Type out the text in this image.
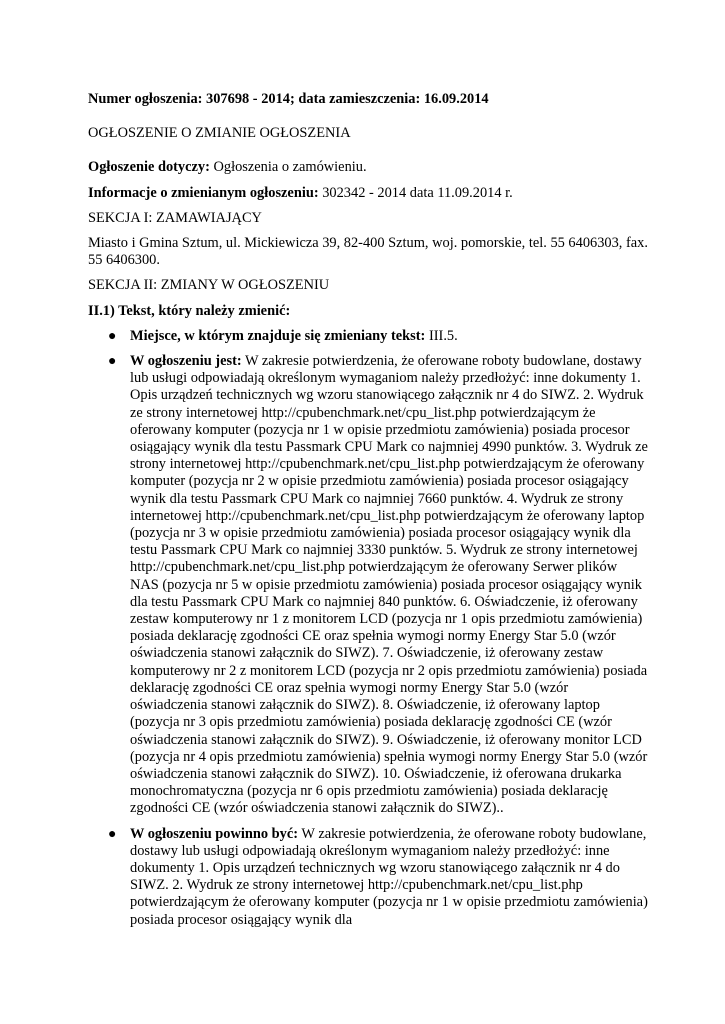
Numer ogłoszenia: 307698 - 2014; data zamieszczenia: 16.09.2014

OGŁOSZENIE O ZMIANIE OGŁOSZENIA

Ogłoszenie dotyczy: Ogłoszenia o zamówieniu.

Informacje o zmienianym ogłoszeniu: 302342 - 2014 data 11.09.2014 r.

SEKCJA I: ZAMAWIAJĄCY

Miasto i Gmina Sztum, ul. Mickiewicza 39, 82-400 Sztum, woj. pomorskie, tel. 55 6406303, fax. 55 6406300.

SEKCJA II: ZMIANY W OGŁOSZENIU

II.1) Tekst, który należy zmienić:

● Miejsce, w którym znajduje się zmieniany tekst: III.5.
● W ogłoszeniu jest: W zakresie potwierdzenia, że oferowane roboty budowlane, dostawy lub usługi odpowiadają określonym wymaganiom należy przedłożyć: inne dokumenty 1. Opis urządzeń technicznych wg wzoru stanowiącego załącznik nr 4 do SIWZ. 2. Wydruk ze strony internetowej http://cpubenchmark.net/cpu_list.php potwierdzającym że oferowany komputer (pozycja nr 1 w opisie przedmiotu zamówienia) posiada procesor osiągający wynik dla testu Passmark CPU Mark co najmniej 4990 punktów. 3. Wydruk ze strony internetowej http://cpubenchmark.net/cpu_list.php potwierdzającym że oferowany komputer (pozycja nr 2 w opisie przedmiotu zamówienia) posiada procesor osiągający wynik dla testu Passmark CPU Mark co najmniej 7660 punktów. 4. Wydruk ze strony internetowej http://cpubenchmark.net/cpu_list.php potwierdzającym że oferowany laptop (pozycja nr 3 w opisie przedmiotu zamówienia) posiada procesor osiągający wynik dla testu Passmark CPU Mark co najmniej 3330 punktów. 5. Wydruk ze strony internetowej http://cpubenchmark.net/cpu_list.php potwierdzającym że oferowany Serwer plików NAS (pozycja nr 5 w opisie przedmiotu zamówienia) posiada procesor osiągający wynik dla testu Passmark CPU Mark co najmniej 840 punktów. 6. Oświadczenie, iż oferowany zestaw komputerowy nr 1 z monitorem LCD (pozycja nr 1 opis przedmiotu zamówienia) posiada deklarację zgodności CE oraz spełnia wymogi normy Energy Star 5.0 (wzór oświadczenia stanowi załącznik do SIWZ). 7. Oświadczenie, iż oferowany zestaw komputerowy nr 2 z monitorem LCD (pozycja nr 2 opis przedmiotu zamówienia) posiada deklarację zgodności CE oraz spełnia wymogi normy Energy Star 5.0 (wzór oświadczenia stanowi załącznik do SIWZ). 8. Oświadczenie, iż oferowany laptop (pozycja nr 3 opis przedmiotu zamówienia) posiada deklarację zgodności CE (wzór oświadczenia stanowi załącznik do SIWZ). 9. Oświadczenie, iż oferowany monitor LCD (pozycja nr 4 opis przedmiotu zamówienia) spełnia wymogi normy Energy Star 5.0 (wzór oświadczenia stanowi załącznik do SIWZ). 10. Oświadczenie, iż oferowana drukarka monochromatyczna (pozycja nr 6 opis przedmiotu zamówienia) posiada deklarację zgodności CE (wzór oświadczenia stanowi załącznik do SIWZ)..
● W ogłoszeniu powinno być: W zakresie potwierdzenia, że oferowane roboty budowlane, dostawy lub usługi odpowiadają określonym wymaganiom należy przedłożyć: inne dokumenty 1. Opis urządzeń technicznych wg wzoru stanowiącego załącznik nr 4 do SIWZ. 2. Wydruk ze strony internetowej http://cpubenchmark.net/cpu_list.php potwierdzającym że oferowany komputer (pozycja nr 1 w opisie przedmiotu zamówienia) posiada procesor osiągający wynik dla
